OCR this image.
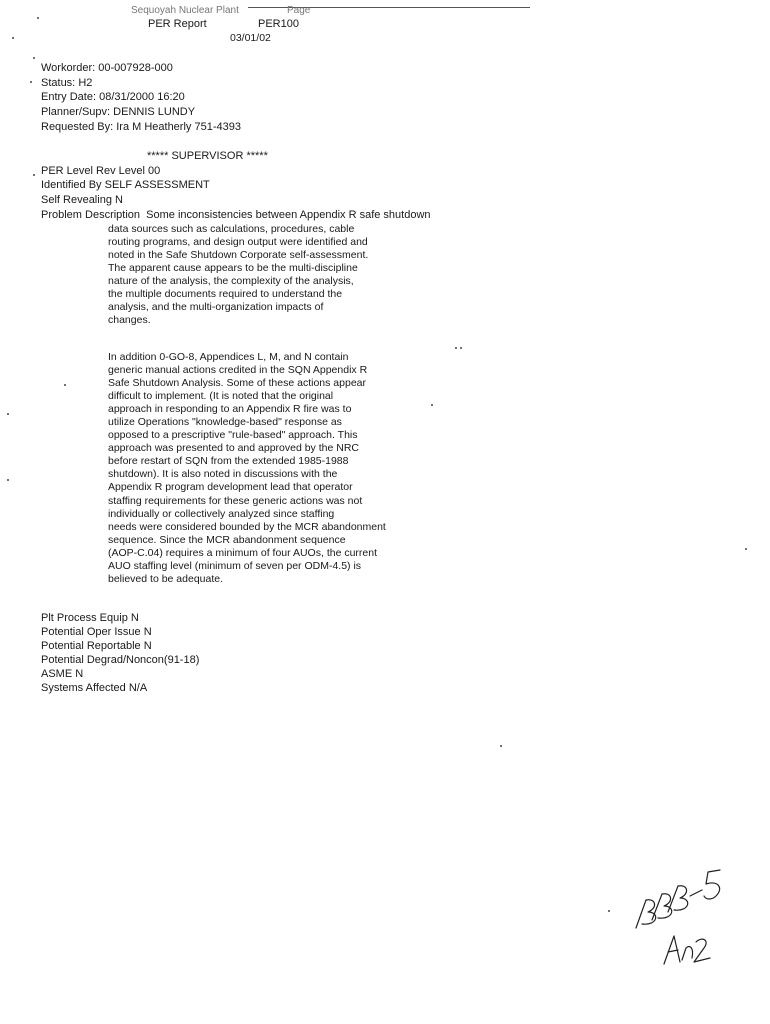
Sequoyah Nuclear Plant	Page
PER Report	PER100
03/01/02
Workorder: 00-007928-000
Status: H2
Entry Date: 08/31/2000 16:20
Planner/Supv: DENNIS LUNDY
Requested By: Ira M Heatherly 751-4393
***** SUPERVISOR *****
PER Level Rev Level 00
Identified By SELF ASSESSMENT
Self Revealing N
Problem Description Some inconsistencies between Appendix R safe shutdown
data sources such as calculations, procedures, cable
routing programs, and design output were identified and
noted in the Safe Shutdown Corporate self-assessment.
The apparent cause appears to be the multi-discipline
nature of the analysis, the complexity of the analysis,
the multiple documents required to understand the
analysis, and the multi-organization impacts of
changes.
In addition 0-GO-8, Appendices L, M, and N contain
generic manual actions credited in the SQN Appendix R
Safe Shutdown Analysis. Some of these actions appear
difficult to implement. (It is noted that the original
approach in responding to an Appendix R fire was to
utilize Operations "knowledge-based" response as
opposed to a prescriptive "rule-based" approach. This
approach was presented to and approved by the NRC
before restart of SQN from the extended 1985-1988
shutdown). It is also noted in discussions with the
Appendix R program development lead that operator
staffing requirements for these generic actions was not
individually or collectively analyzed since staffing
needs were considered bounded by the MCR abandonment
sequence. Since the MCR abandonment sequence
(AOP-C.04) requires a minimum of four AUOs, the current
AUO staffing level (minimum of seven per ODM-4.5) is
believed to be adequate.
Plt Process Equip N
Potential Oper Issue N
Potential Reportable N
Potential Degrad/Noncon(91-18)
ASME N
Systems Affected N/A
